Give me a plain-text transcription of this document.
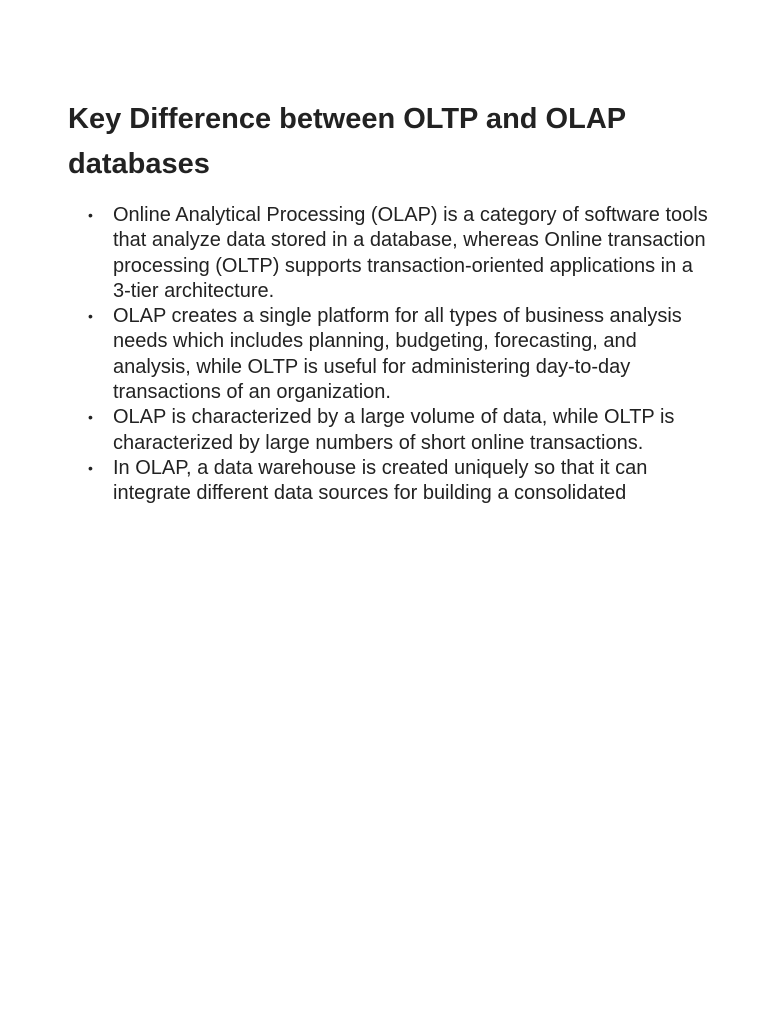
Key Difference between OLTP and OLAP databases
• Online Analytical Processing (OLAP) is a category of software tools that analyze data stored in a database, whereas Online transaction processing (OLTP) supports transaction-oriented applications in a 3-tier architecture.
• OLAP creates a single platform for all types of business analysis needs which includes planning, budgeting, forecasting, and analysis, while OLTP is useful for administering day-to-day transactions of an organization.
• OLAP is characterized by a large volume of data, while OLTP is characterized by large numbers of short online transactions.
• In OLAP, a data warehouse is created uniquely so that it can integrate different data sources for building a consolidated
